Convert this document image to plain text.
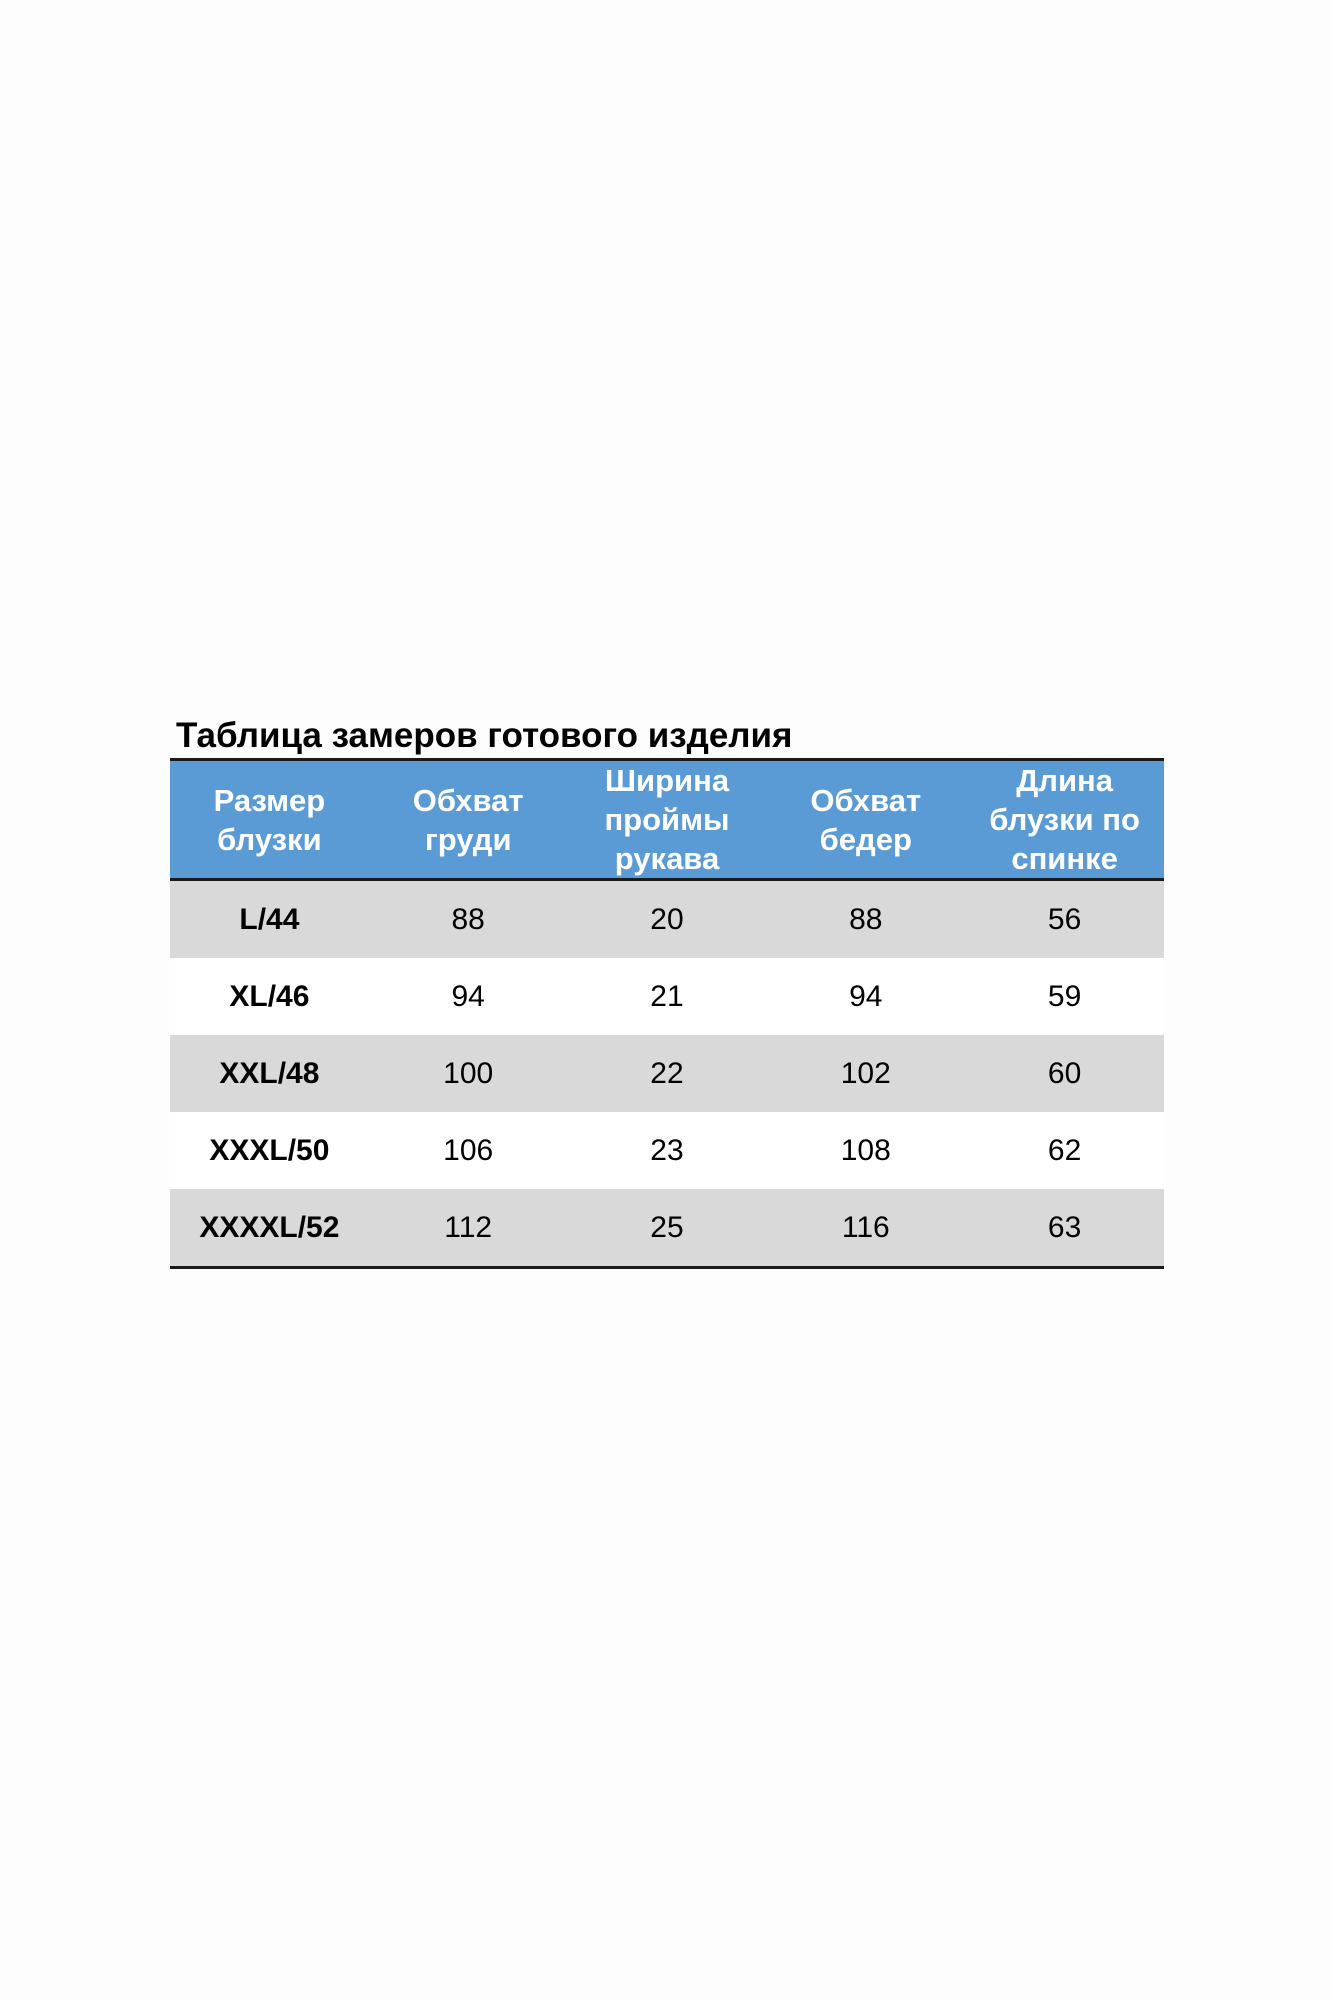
Таблица замеров готового изделия
Размер блузки	Обхват груди	Ширина проймы рукава	Обхват бедер	Длина блузки по спинке
L/44	88	20	88	56
XL/46	94	21	94	59
XXL/48	100	22	102	60
XXXL/50	106	23	108	62
XXXXL/52	112	25	116	63
